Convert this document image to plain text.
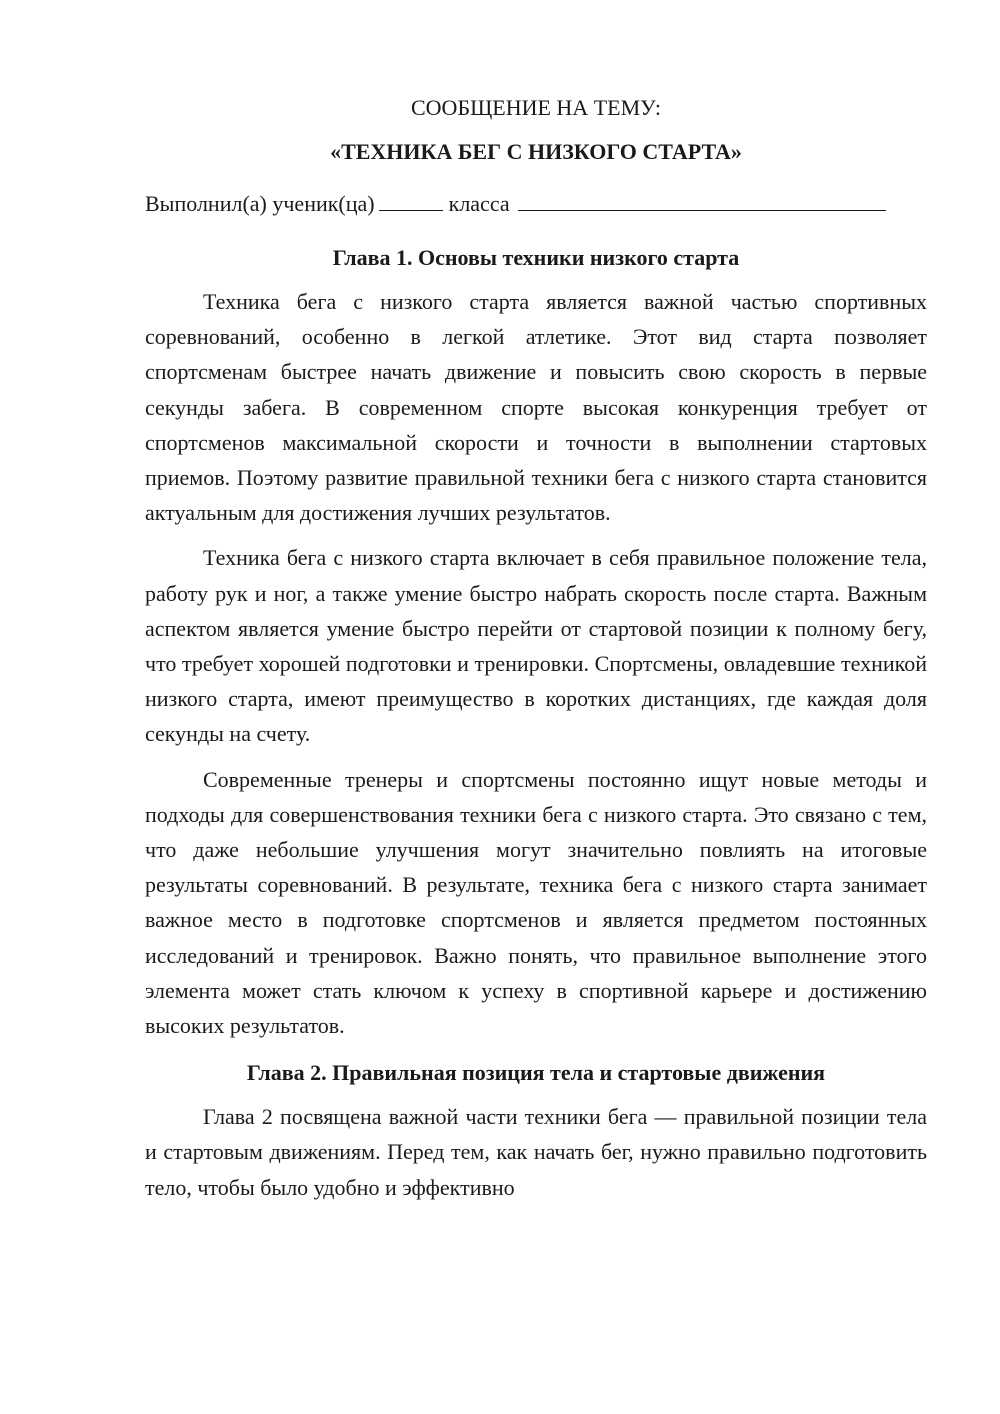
СООБЩЕНИЕ НА ТЕМУ:

«ТЕХНИКА БЕГ С НИЗКОГО СТАРТА»

Выполнил(а) ученик(ца)	класса

Глава 1. Основы техники низкого старта

Техника бега с низкого старта является важной частью спортивных соревнований, особенно в легкой атлетике. Этот вид старта позволяет спортсменам быстрее начать движение и повысить свою скорость в первые секунды забега. В современном спорте высокая конкуренция требует от спортсменов максимальной скорости и точности в выполнении стартовых приемов. Поэтому развитие правильной техники бега с низкого старта становится актуальным для достижения лучших результатов.

Техника бега с низкого старта включает в себя правильное положение тела, работу рук и ног, а также умение быстро набрать скорость после старта. Важным аспектом является умение быстро перейти от стартовой позиции к полному бегу, что требует хорошей подготовки и тренировки. Спортсмены, овладевшие техникой низкого старта, имеют преимущество в коротких дистанциях, где каждая доля секунды на счету.

Современные тренеры и спортсмены постоянно ищут новые методы и подходы для совершенствования техники бега с низкого старта. Это связано с тем, что даже небольшие улучшения могут значительно повлиять на итоговые результаты соревнований. В результате, техника бега с низкого старта занимает важное место в подготовке спортсменов и является предметом постоянных исследований и тренировок. Важно понять, что правильное выполнение этого элемента может стать ключом к успеху в спортивной карьере и достижению высоких результатов.

Глава 2. Правильная позиция тела и стартовые движения

Глава 2 посвящена важной части техники бега — правильной позиции тела и стартовым движениям. Перед тем, как начать бег, нужно правильно подготовить тело, чтобы было удобно и эффективно
